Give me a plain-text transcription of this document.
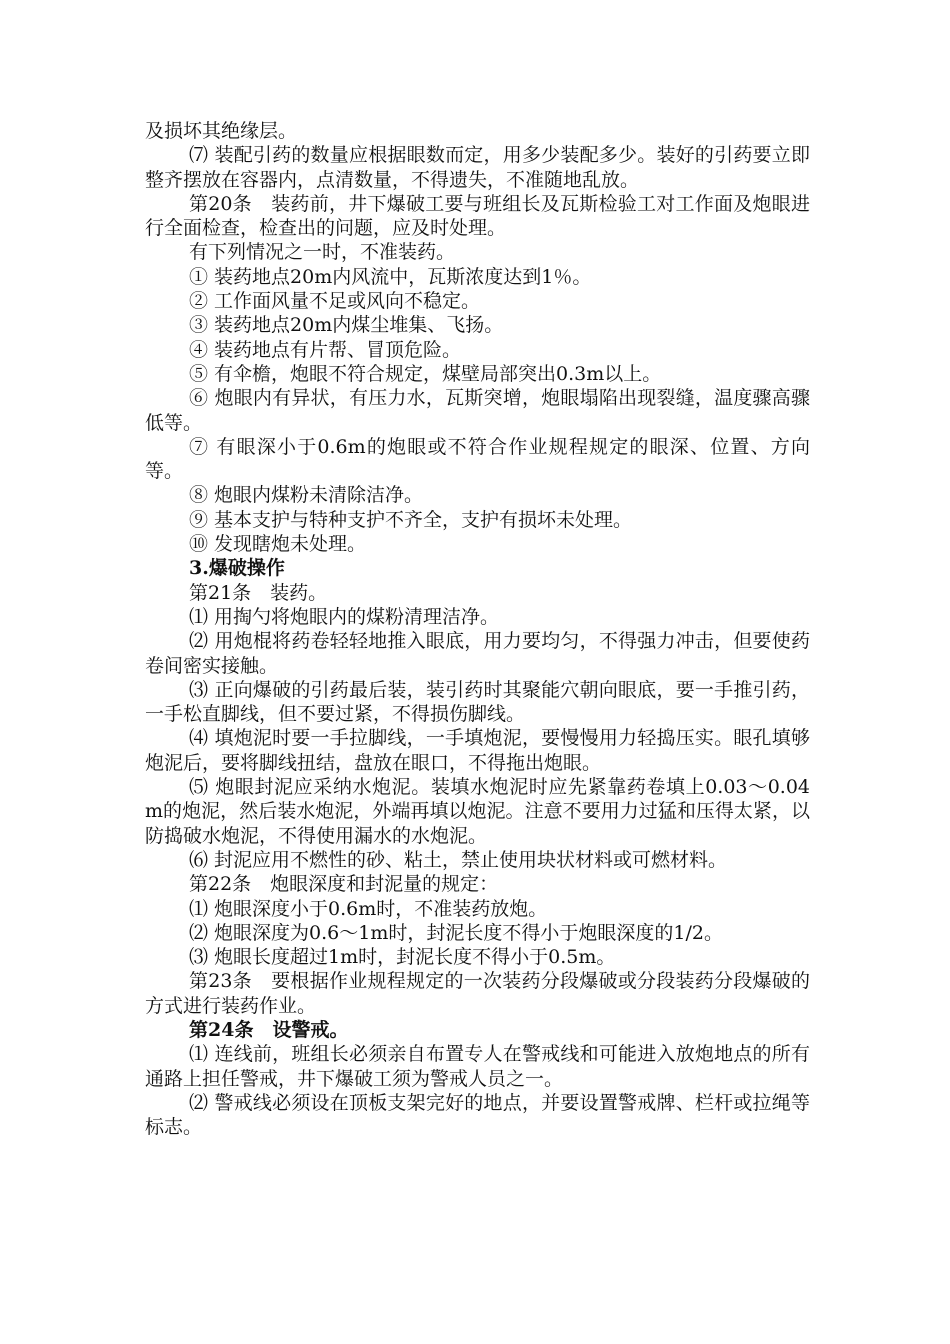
及损坏其绝缘层。

⑺ 装配引药的数量应根据眼数而定，用多少装配多少。装好的引药要立即整齐摆放在容器内，点清数量，不得遗失，不准随地乱放。

第20条　装药前，井下爆破工要与班组长及瓦斯检验工对工作面及炮眼进行全面检查，检查出的问题，应及时处理。

有下列情况之一时，不准装药。

① 装药地点20m内风流中，瓦斯浓度达到1％。

② 工作面风量不足或风向不稳定。

③ 装药地点20m内煤尘堆集、飞扬。

④ 装药地点有片帮、冒顶危险。

⑤ 有伞檐，炮眼不符合规定，煤壁局部突出0.3m以上。

⑥ 炮眼内有异状，有压力水，瓦斯突增，炮眼塌陷出现裂缝，温度骤高骤低等。

⑦ 有眼深小于0.6m的炮眼或不符合作业规程规定的眼深、位置、方向等。

⑧ 炮眼内煤粉未清除洁净。

⑨ 基本支护与特种支护不齐全，支护有损坏未处理。

⑩ 发现瞎炮未处理。

3.爆破操作

第21条　装药。

⑴ 用掏勺将炮眼内的煤粉清理洁净。

⑵ 用炮棍将药卷轻轻地推入眼底，用力要均匀，不得强力冲击，但要使药卷间密实接触。

⑶ 正向爆破的引药最后装，装引药时其聚能穴朝向眼底，要一手推引药，一手松直脚线，但不要过紧，不得损伤脚线。

⑷ 填炮泥时要一手拉脚线，一手填炮泥，要慢慢用力轻捣压实。眼孔填够炮泥后，要将脚线扭结，盘放在眼口，不得拖出炮眼。

⑸ 炮眼封泥应采纳水炮泥。装填水炮泥时应先紧靠药卷填上0.03～0.04m的炮泥，然后装水炮泥，外端再填以炮泥。注意不要用力过猛和压得太紧，以防捣破水炮泥，不得使用漏水的水炮泥。

⑹ 封泥应用不燃性的砂、粘土，禁止使用块状材料或可燃材料。

第22条　炮眼深度和封泥量的规定：

⑴ 炮眼深度小于0.6m时，不准装药放炮。

⑵ 炮眼深度为0.6～1m时，封泥长度不得小于炮眼深度的1/2。

⑶ 炮眼长度超过1m时，封泥长度不得小于0.5m。

第23条　要根据作业规程规定的一次装药分段爆破或分段装药分段爆破的方式进行装药作业。

第24条　设警戒。

⑴ 连线前，班组长必须亲自布置专人在警戒线和可能进入放炮地点的所有通路上担任警戒，井下爆破工须为警戒人员之一。

⑵ 警戒线必须设在顶板支架完好的地点，并要设置警戒牌、栏杆或拉绳等标志。
